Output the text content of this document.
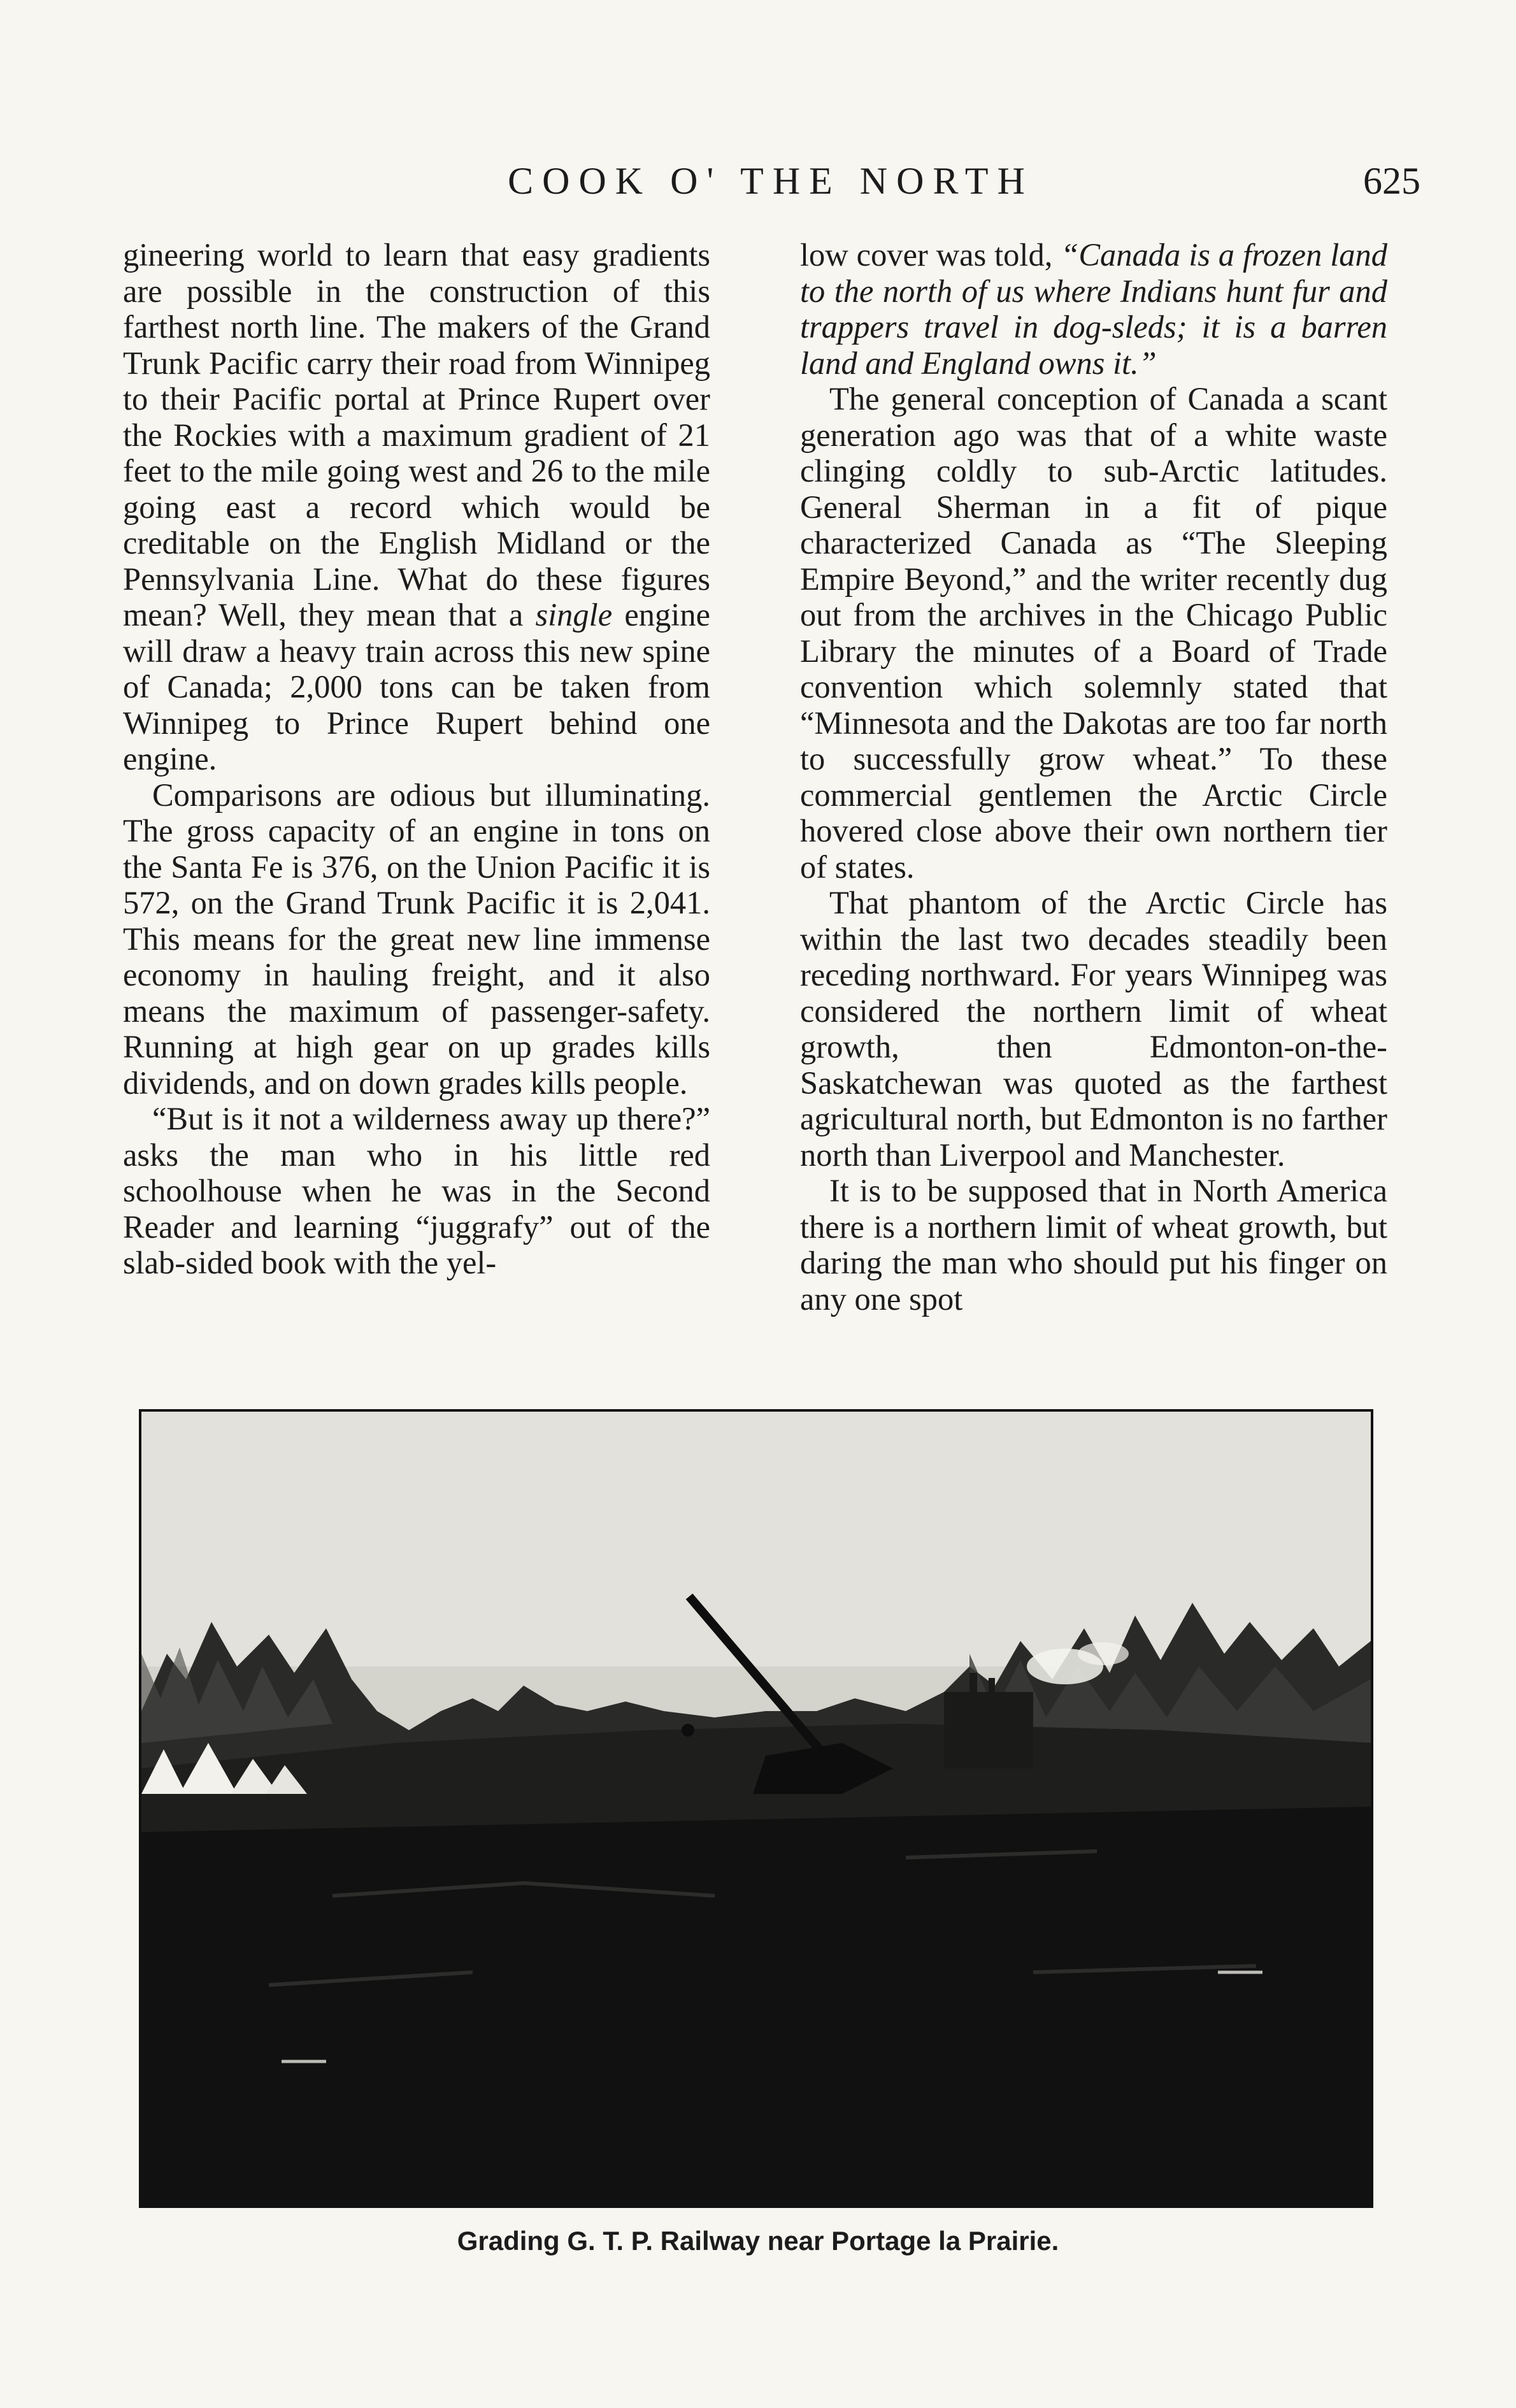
COOK O' THE NORTH	625

gineering world to learn that easy gradients are possible in the construction of this farthest north line. The makers of the Grand Trunk Pacific carry their road from Winnipeg to their Pacific portal at Prince Rupert over the Rockies with a maximum gradient of 21 feet to the mile going west and 26 to the mile going east a record which would be creditable on the English Midland or the Pennsylvania Line. What do these figures mean? Well, they mean that a single engine will draw a heavy train across this new spine of Canada; 2,000 tons can be taken from Winnipeg to Prince Rupert behind one engine.

Comparisons are odious but illuminating. The gross capacity of an engine in tons on the Santa Fe is 376, on the Union Pacific it is 572, on the Grand Trunk Pacific it is 2,041. This means for the great new line immense economy in hauling freight, and it also means the maximum of passenger-safety. Running at high gear on up grades kills dividends, and on down grades kills people.

“But is it not a wilderness away up there?” asks the man who in his little red schoolhouse when he was in the Second Reader and learning “juggrafy” out of the slab-sided book with the yel-

low cover was told, “Canada is a frozen land to the north of us where Indians hunt fur and trappers travel in dog-sleds; it is a barren land and England owns it.”

The general conception of Canada a scant generation ago was that of a white waste clinging coldly to sub-Arctic latitudes. General Sherman in a fit of pique characterized Canada as “The Sleeping Empire Beyond,” and the writer recently dug out from the archives in the Chicago Public Library the minutes of a Board of Trade convention which solemnly stated that “Minnesota and the Dakotas are too far north to successfully grow wheat.” To these commercial gentlemen the Arctic Circle hovered close above their own northern tier of states.

That phantom of the Arctic Circle has within the last two decades steadily been receding northward. For years Winnipeg was considered the northern limit of wheat growth, then Edmonton-on-the-Saskatchewan was quoted as the farthest agricultural north, but Edmonton is no farther north than Liverpool and Manchester.

It is to be supposed that in North America there is a northern limit of wheat growth, but daring the man who should put his finger on any one spot

Grading G. T. P. Railway near Portage la Prairie.
